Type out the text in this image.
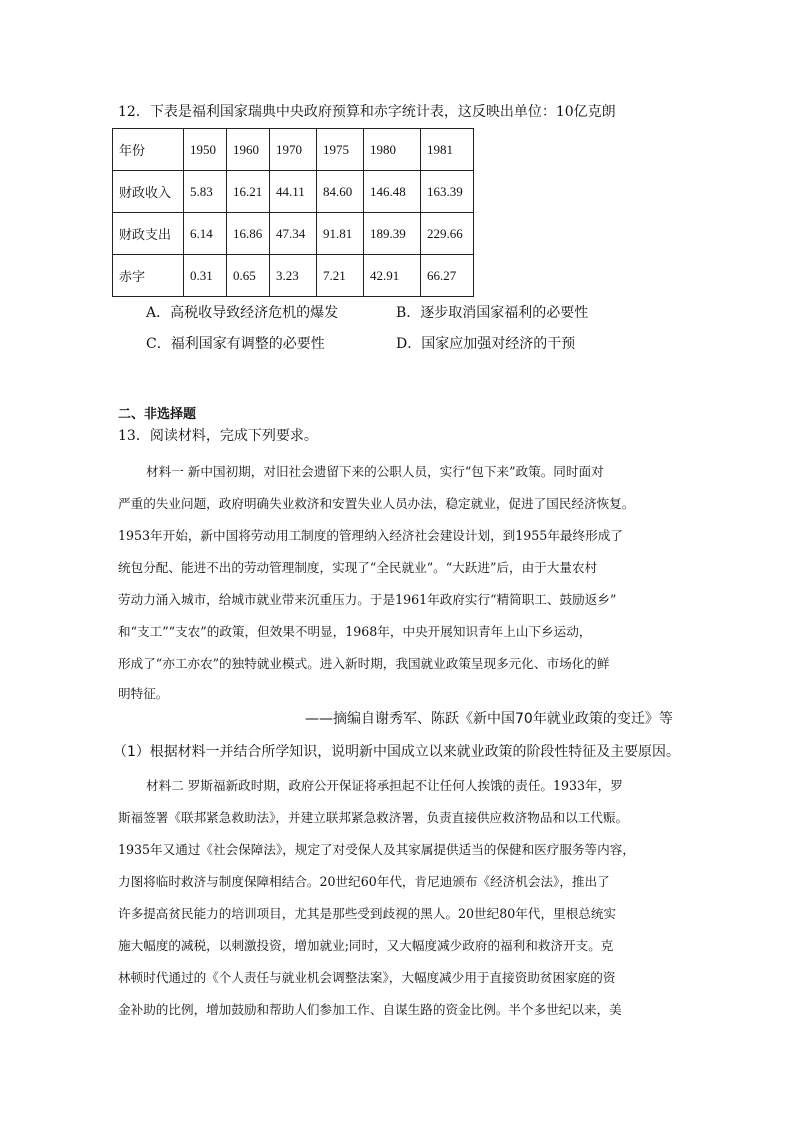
12．下表是福利国家瑞典中央政府预算和赤字统计表，这反映出单位：10亿克朗
年份	1950	1960	1970	1975	1980	1981
财政收入	5.83	16.21	44.11	84.60	146.48	163.39
财政支出	6.14	16.86	47.34	91.81	189.39	229.66
赤字	0.31	0.65	3.23	7.21	42.91	66.27
A．高税收导致经济危机的爆发	B．逐步取消国家福利的必要性
C．福利国家有调整的必要性	D．国家应加强对经济的干预
二、非选择题
13．阅读材料，完成下列要求。
材料一 新中国初期，对旧社会遗留下来的公职人员，实行“包下来”政策。同时面对
严重的失业问题，政府明确失业救济和安置失业人员办法，稳定就业，促进了国民经济恢复。
1953年开始，新中国将劳动用工制度的管理纳入经济社会建设计划，到1955年最终形成了
统包分配、能进不出的劳动管理制度，实现了“全民就业”。“大跃进”后，由于大量农村
劳动力涌入城市，给城市就业带来沉重压力。于是1961年政府实行“精简职工、鼓励返乡”
和“支工”“支农”的政策，但效果不明显，1968年，中央开展知识青年上山下乡运动，
形成了“亦工亦农”的独特就业模式。进入新时期，我国就业政策呈现多元化、市场化的鲜
明特征。
——摘编自谢秀军、陈跃《新中国70年就业政策的变迁》等
（1）根据材料一并结合所学知识，说明新中国成立以来就业政策的阶段性特征及主要原因。
材料二 罗斯福新政时期，政府公开保证将承担起不让任何人挨饿的责任。1933年，罗
斯福签署《联邦紧急救助法》，并建立联邦紧急救济署，负责直接供应救济物品和以工代赈。
1935年又通过《社会保障法》，规定了对受保人及其家属提供适当的保健和医疗服务等内容，
力图将临时救济与制度保障相结合。20世纪60年代，肯尼迪颁布《经济机会法》，推出了
许多提高贫民能力的培训项目，尤其是那些受到歧视的黑人。20世纪80年代，里根总统实
施大幅度的减税，以刺激投资，增加就业;同时，又大幅度减少政府的福利和救济开支。克
林顿时代通过的《个人责任与就业机会调整法案》，大幅度减少用于直接资助贫困家庭的资
金补助的比例，增加鼓励和帮助人们参加工作、自谋生路的资金比例。半个多世纪以来，美
